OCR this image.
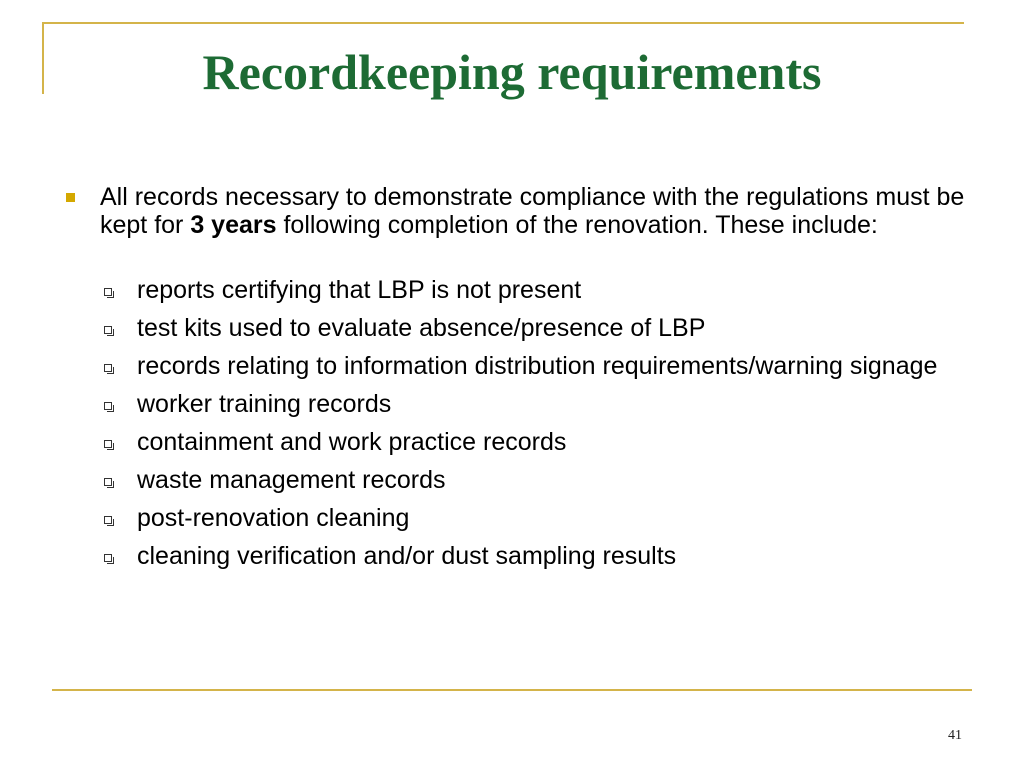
Recordkeeping requirements

All records necessary to demonstrate compliance with the regulations must be kept for 3 years following completion of the renovation. These include:

reports certifying that LBP is not present
test kits used to evaluate absence/presence of LBP
records relating to information distribution requirements/warning signage
worker training records
containment and work practice records
waste management records
post-renovation cleaning
cleaning verification and/or dust sampling results
41
